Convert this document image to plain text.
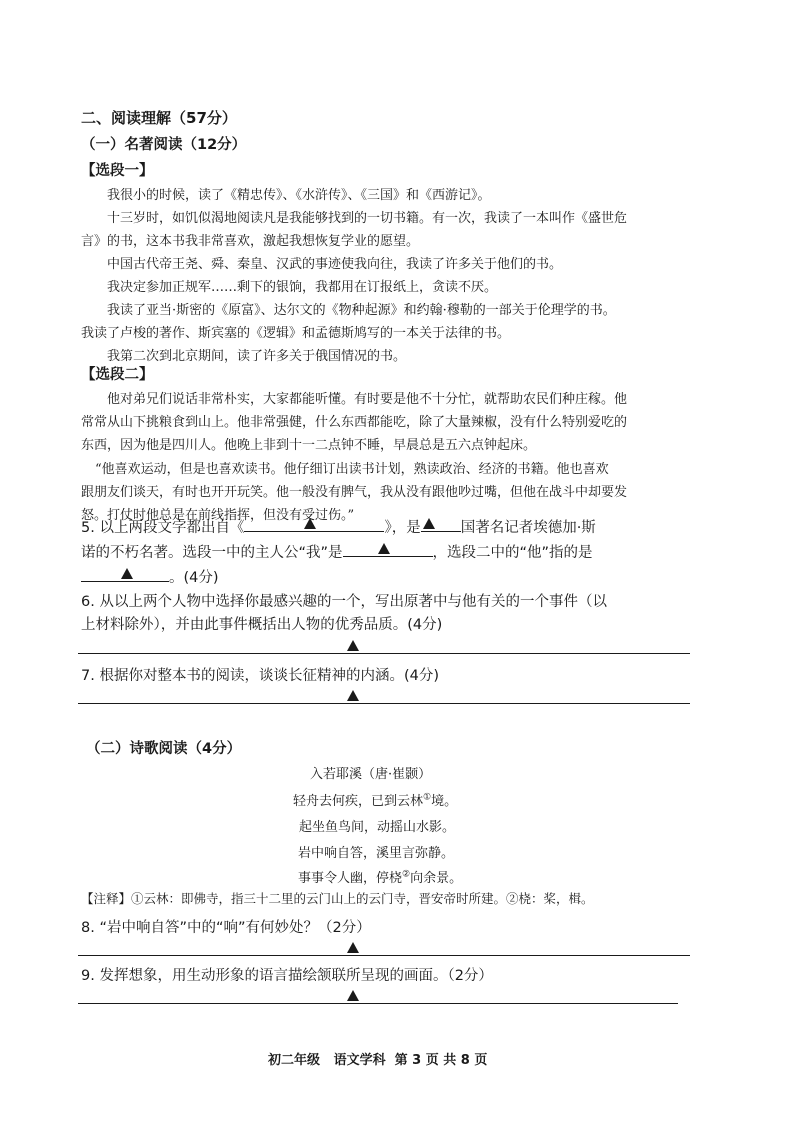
二、阅读理解（57分）
（一）名著阅读（12分）
【选段一】
我很小的时候，读了《精忠传》、《水浒传》、《三国》和《西游记》。
十三岁时，如饥似渴地阅读凡是我能够找到的一切书籍。有一次，我读了一本叫作《盛世危
言》的书，这本书我非常喜欢，激起我想恢复学业的愿望。
中国古代帝王尧、舜、秦皇、汉武的事迹使我向往，我读了许多关于他们的书。
我决定参加正规军……剩下的银饷，我都用在订报纸上，贪读不厌。
我读了亚当·斯密的《原富》、达尔文的《物种起源》和约翰·穆勒的一部关于伦理学的书。
我读了卢梭的著作、斯宾塞的《逻辑》和孟德斯鸠写的一本关于法律的书。
我第二次到北京期间，读了许多关于俄国情况的书。
【选段二】
他对弟兄们说话非常朴实，大家都能听懂。有时要是他不十分忙，就帮助农民们种庄稼。他
常常从山下挑粮食到山上。他非常强健，什么东西都能吃，除了大量辣椒，没有什么特别爱吃的
东西，因为他是四川人。他晚上非到十一二点钟不睡，早晨总是五六点钟起床。
“他喜欢运动，但是也喜欢读书。他仔细订出读书计划，熟读政治、经济的书籍。他也喜欢
跟朋友们谈天，有时也开开玩笑。他一般没有脾气，我从没有跟他吵过嘴，但他在战斗中却要发
怒。打仗时他总是在前线指挥，但没有受过伤。”
5. 以上两段文字都出自《	》，是	国著名记者埃德加·斯
诺的不朽名著。选段一中的主人公“我”是	，选段二中的“他”指的是
。(4分)
6. 从以上两个人物中选择你最感兴趣的一个，写出原著中与他有关的一个事件（以
上材料除外），并由此事件概括出人物的优秀品质。(4分)
7. 根据你对整本书的阅读，谈谈长征精神的内涵。(4分)
（二）诗歌阅读（4分）
入若耶溪（唐·崔颢）
轻舟去何疾，已到云林①境。
起坐鱼鸟间，动摇山水影。
岩中响自答，溪里言弥静。
事事令人幽，停桡②向余景。
【注释】①云林：即佛寺，指三十二里的云门山上的云门寺，晋安帝时所建。②桡：桨，楫。
8. “岩中响自答”中的“响”有何妙处？（2分）
9. 发挥想象，用生动形象的语言描绘颔联所呈现的画面。（2分）
初二年级   语文学科  第 3 页 共 8 页
